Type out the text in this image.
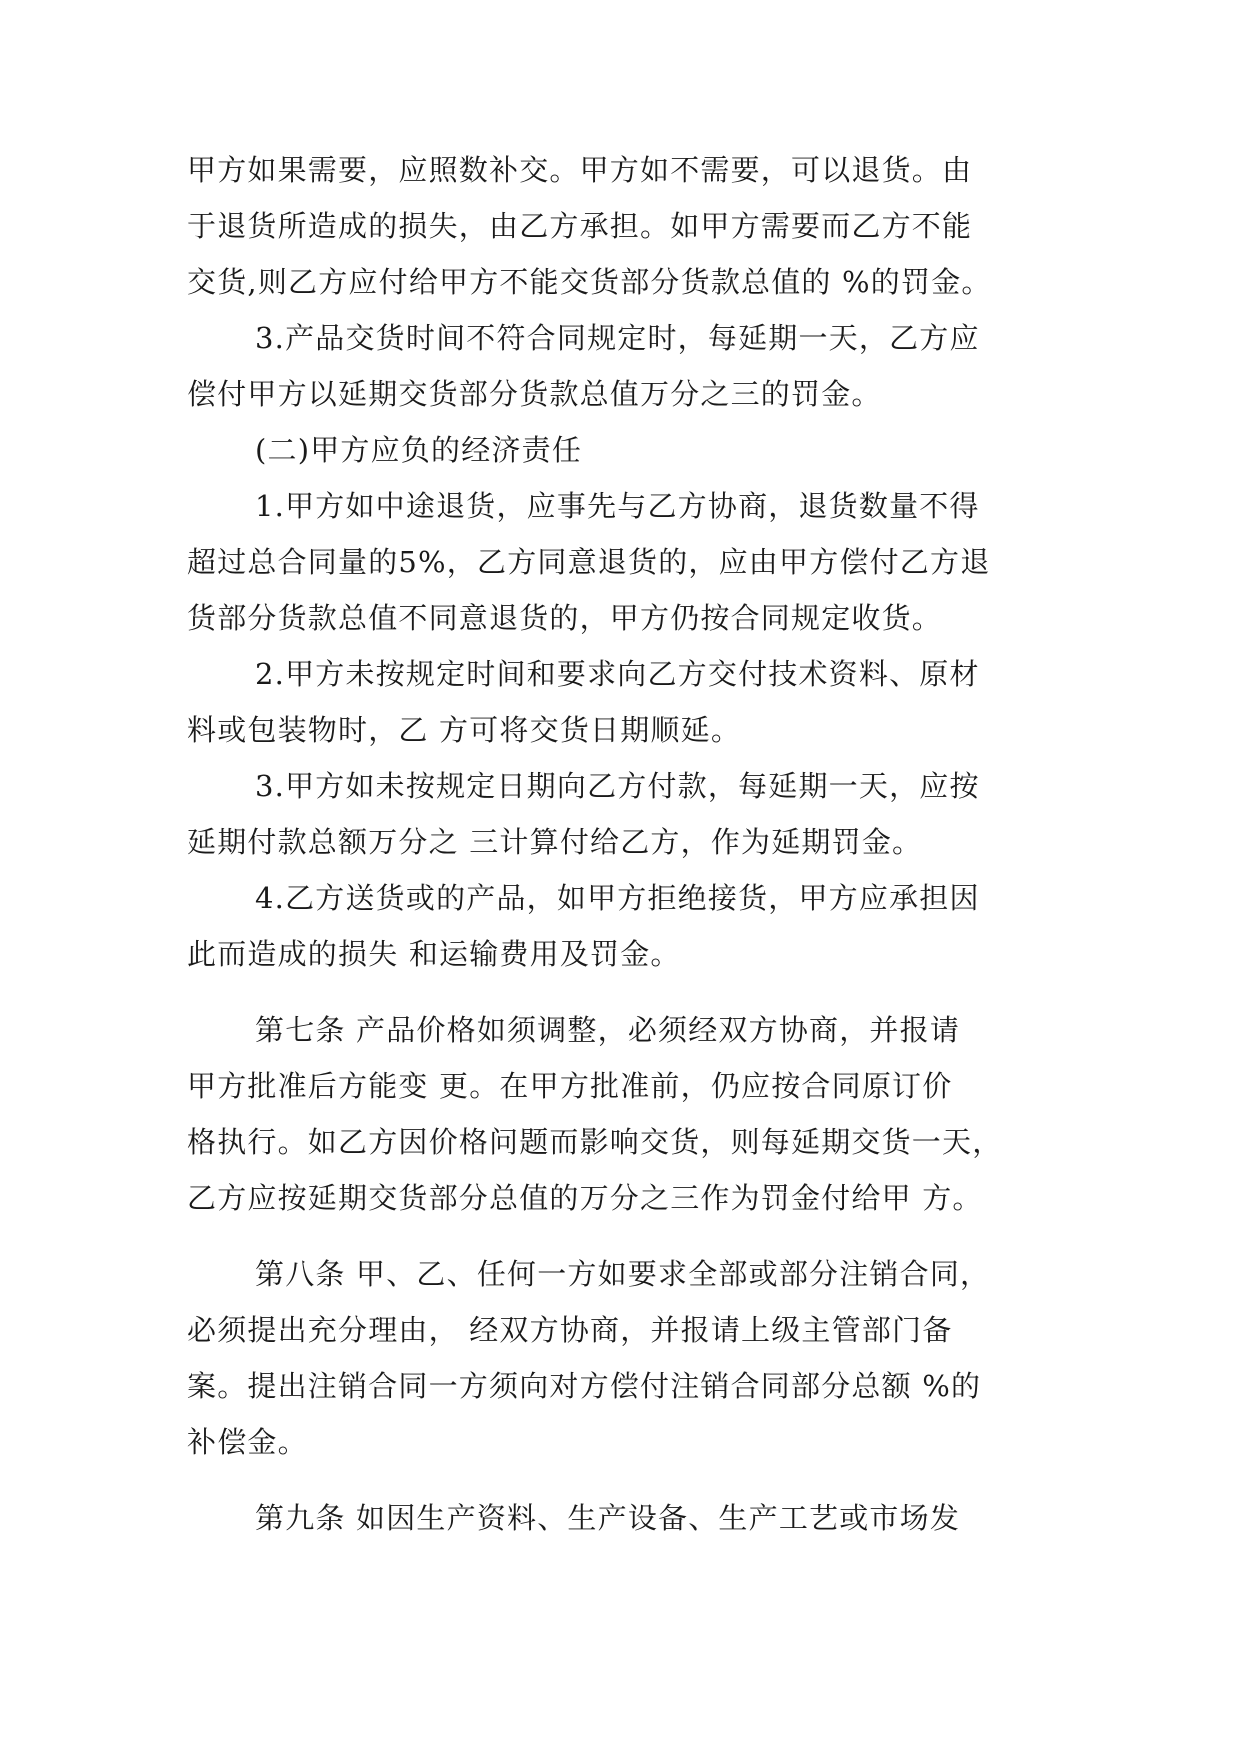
甲方如果需要，应照数补交。甲方如不需要，可以退货。由
于退货所造成的损失，由乙方承担。如甲方需要而乙方不能
交货,则乙方应付给甲方不能交货部分货款总值的 %的罚金。
3.产品交货时间不符合同规定时，每延期一天，乙方应
偿付甲方以延期交货部分货款总值万分之三的罚金。
(二)甲方应负的经济责任
1.甲方如中途退货，应事先与乙方协商，退货数量不得
超过总合同量的5%，乙方同意退货的，应由甲方偿付乙方退
货部分货款总值不同意退货的，甲方仍按合同规定收货。
2.甲方未按规定时间和要求向乙方交付技术资料、原材
料或包装物时，乙 方可将交货日期顺延。
3.甲方如未按规定日期向乙方付款，每延期一天，应按
延期付款总额万分之 三计算付给乙方，作为延期罚金。
4.乙方送货或的产品，如甲方拒绝接货，甲方应承担因
此而造成的损失 和运输费用及罚金。
第七条 产品价格如须调整，必须经双方协商，并报请
甲方批准后方能变 更。在甲方批准前，仍应按合同原订价
格执行。如乙方因价格问题而影响交货，则每延期交货一天，
乙方应按延期交货部分总值的万分之三作为罚金付给甲 方。
第八条 甲、乙、任何一方如要求全部或部分注销合同，
必须提出充分理由， 经双方协商，并报请上级主管部门备
案。提出注销合同一方须向对方偿付注销合同部分总额 %的
补偿金。
第九条 如因生产资料、生产设备、生产工艺或市场发
